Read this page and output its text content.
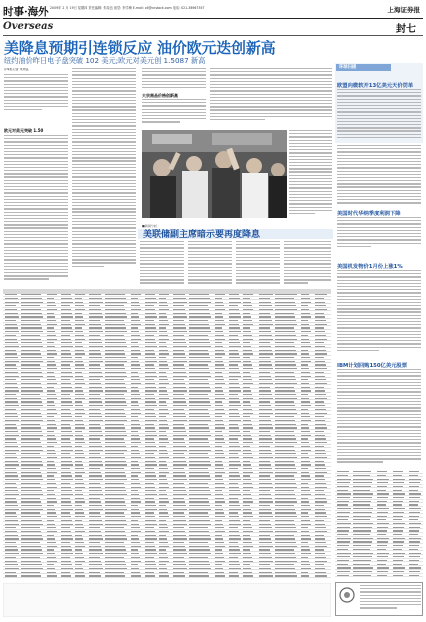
时事·海外 2009年 2 月 19日 星期四 责任编辑: 朱周良 视觉: 李学梅 E-mail: zll@cnstock.com 电话: 021-38967557	上海证券报
Overseas	封七
美降息预期引连锁反应 油价欧元迭创新高
纽约油价昨日电子盘突破 102 美元;欧元对美元创 1.5087 新高
◎本报记者 朱周良
欧元对美元突破 1.50
大宗商品价格创新高
■新闻分析
美联储副主席暗示要再度降息
环球扫描
欧盟向微软开13亿美元天价罚单
美国时代华纳季度利润下降
美国机发物价1月份上涨1%
IBM计划回购150亿美元股票
